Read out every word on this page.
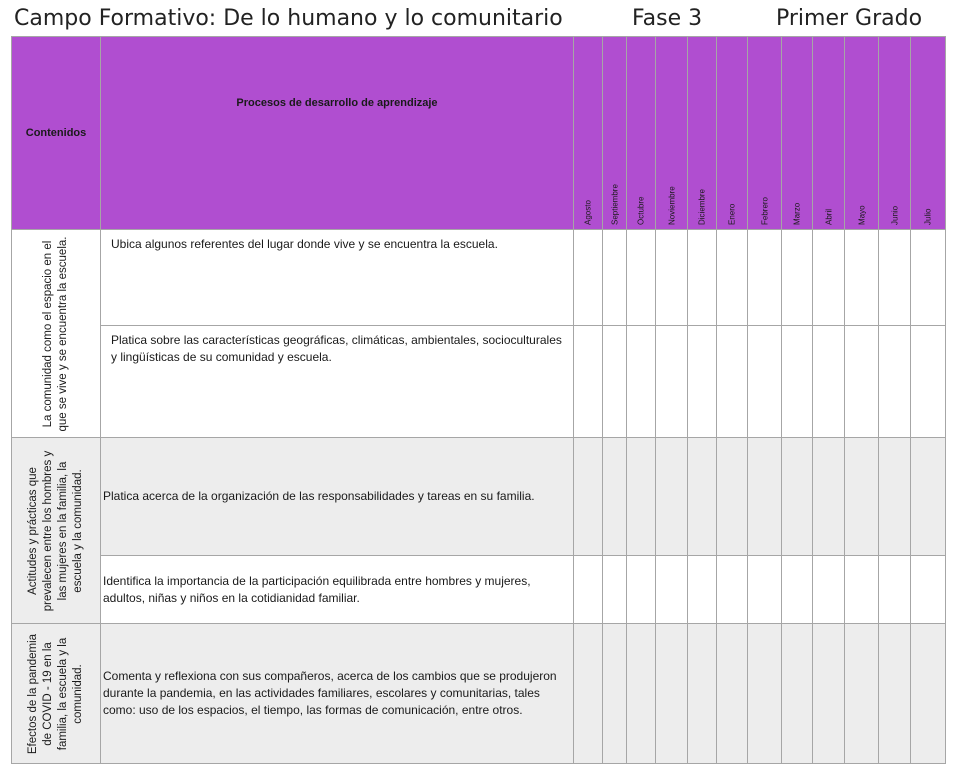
Campo Formativo: De lo humano y lo comunitario	Fase 3	Primer Grado
Contenidos	Procesos de desarrollo de aprendizaje	Agosto	Septiembre	Octubre	Noviembre	Diciembre	Enero	Febrero	Marzo	Abril	Mayo	Junio	Julio

La comunidad como el espacio en el que se vive y se encuentra la escuela.	Ubica algunos referentes del lugar donde vive y se encuentra la escuela.												
	Platica sobre las características geográficas, climáticas, ambientales, socioculturales y lingüísticas de su comunidad y escuela.												

Actitudes y prácticas que prevalecen entre los hombres y las mujeres en la familia, la escuela y la comunidad.	Platica acerca de la organización de las responsabilidades y tareas en su familia.												
	Identifica la importancia de la participación equilibrada entre hombres y mujeres, adultos, niñas y niños en la cotidianidad familiar.												

Efectos de la pandemia de COVID - 19 en la familia, la escuela y la comunidad.	Comenta y reflexiona con sus compañeros, acerca de los cambios que se produjeron durante la pandemia, en las actividades familiares, escolares y comunitarias, tales como: uso de los espacios, el tiempo, las formas de comunicación, entre otros.												
